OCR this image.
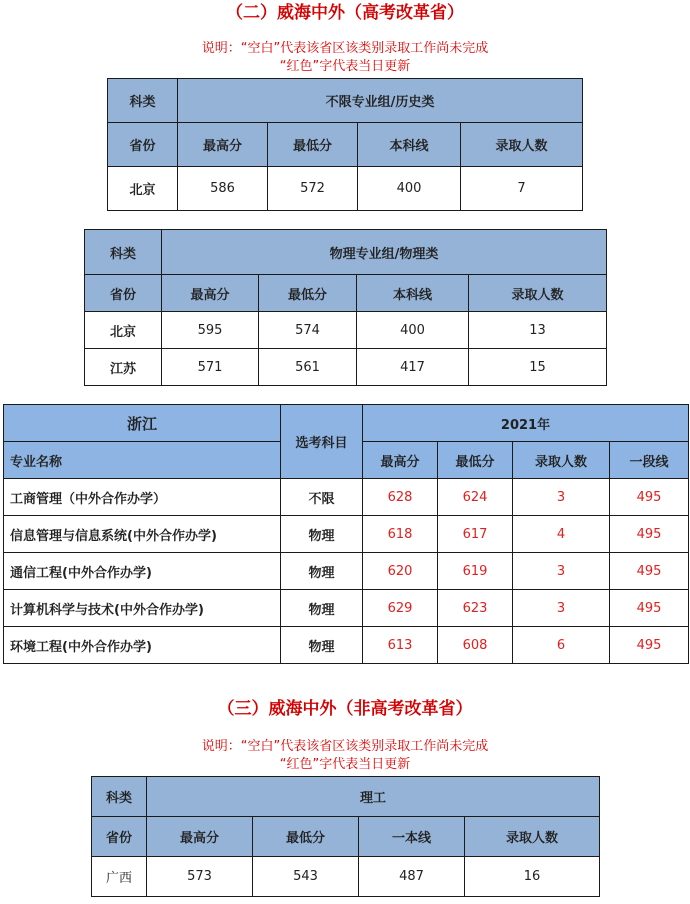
（二）威海中外（高考改革省）
说明：“空白”代表该省区该类别录取工作尚未完成
“红色”字代表当日更新
科类	不限专业组/历史类			
省份	最高分	最低分	本科线	录取人数
北京	586	572	400	7
科类	物理专业组/物理类			
省份	最高分	最低分	本科线	录取人数
北京	595	574	400	13
江苏	571	561	417	15
浙江	选考科目	2021年			
专业名称		最高分	最低分	录取人数	一段线
工商管理（中外合作办学）	不限	628	624	3	495
信息管理与信息系统(中外合作办学)	物理	618	617	4	495
通信工程(中外合作办学)	物理	620	619	3	495
计算机科学与技术(中外合作办学)	物理	629	623	3	495
环境工程(中外合作办学)	物理	613	608	6	495
（三）威海中外（非高考改革省）
说明：“空白”代表该省区该类别录取工作尚未完成
“红色”字代表当日更新
科类	理工			
省份	最高分	最低分	一本线	录取人数
广西	573	543	487	16
